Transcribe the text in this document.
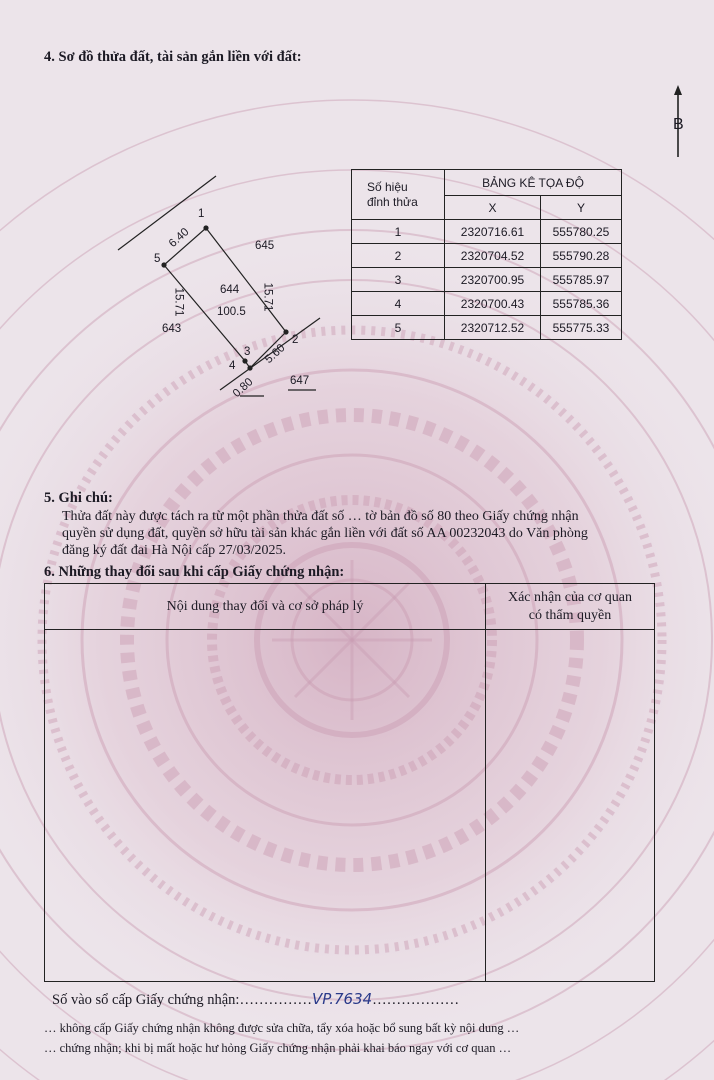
4. Sơ đồ thửa đất, tài sản gắn liền với đất:
B
Số hiệu
đỉnh thửa	BẢNG KÊ TỌA ĐỘ	
	X	Y
1	2320716.61	555780.25
2	2320704.52	555790.28
3	2320700.95	555785.97
4	2320700.43	555785.36
5	2320712.52	555775.33
6.40
15.71	15.71
5.60
0.80
644
100.5
645
643
647
1
2
3
4
5
5. Ghi chú:
Thửa đất này được tách ra từ một phần thửa đất số … tờ bản đồ số 80 theo Giấy chứng nhận
quyền sử dụng đất, quyền sở hữu tài sản khác gắn liền với đất số AA 00232043 do Văn phòng
đăng ký đất đai Hà Nội cấp 27/03/2025.
6. Những thay đổi sau khi cấp Giấy chứng nhận:
Nội dung thay đổi và cơ sở pháp lý	Xác nhận của cơ quan
có thẩm quyền

Số vào sổ cấp Giấy chứng nhận:……………VP.7634………………
… không cấp Giấy chứng nhận không được sửa chữa, tẩy xóa hoặc bổ sung bất kỳ nội dung …
… chứng nhận; khi bị mất hoặc hư hỏng Giấy chứng nhận phải khai báo ngay với cơ quan …
